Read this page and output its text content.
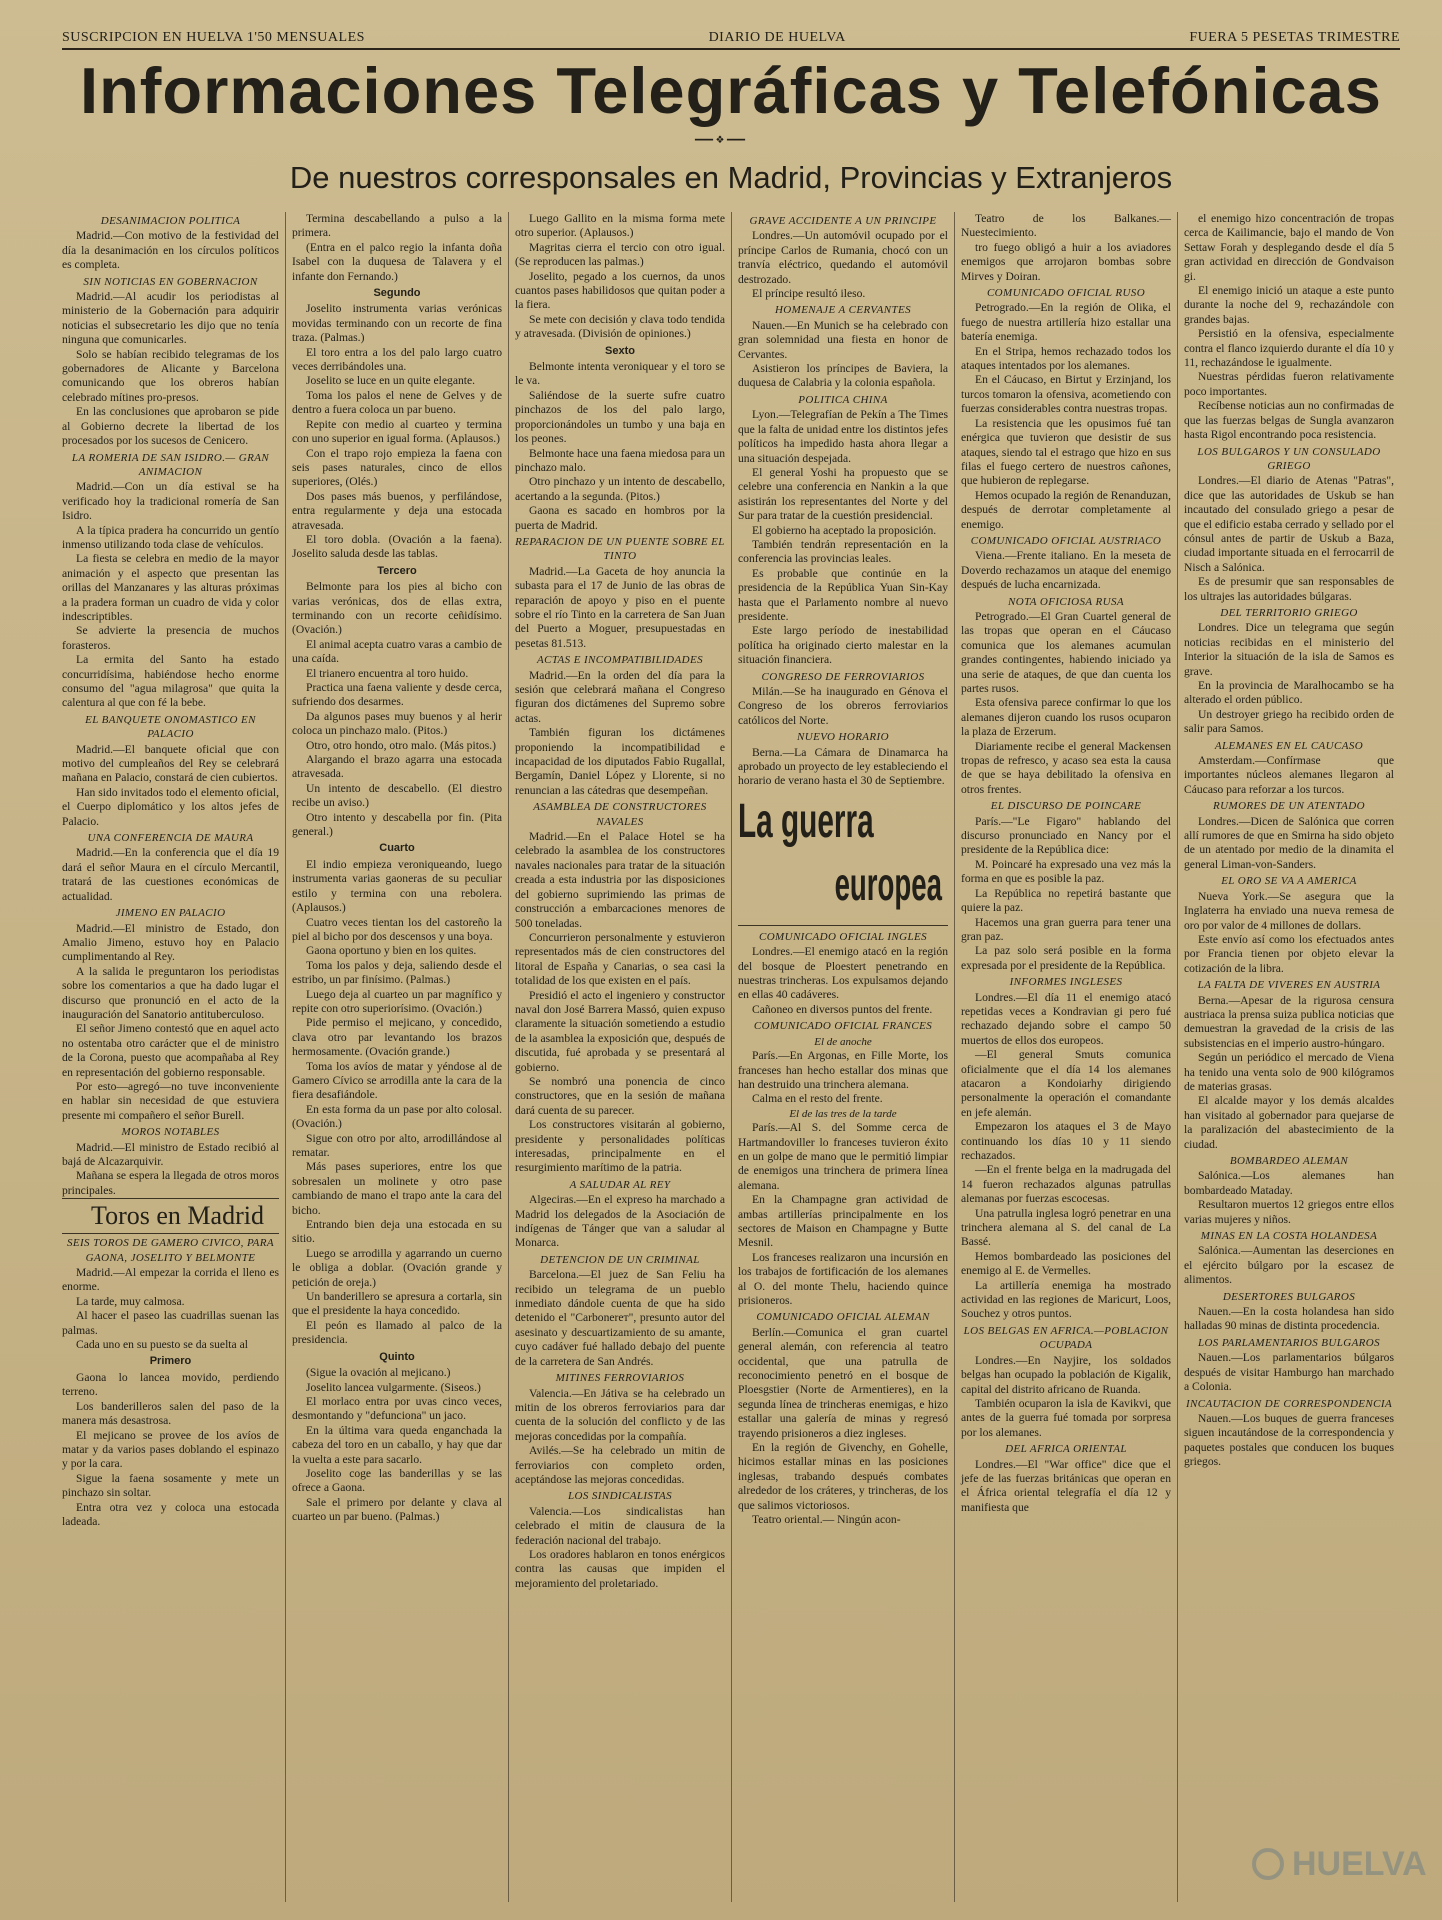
SUSCRIPCION EN HUELVA 1'50 MENSUALES	DIARIO DE HUELVA	FUERA 5 PESETAS TRIMESTRE
Informaciones Telegráficas y Telefónicas
━━━ ❖ ━━━
De nuestros corresponsales en Madrid, Provincias y Extranjeros

DESANIMACION POLITICA

Madrid.—Con motivo de la festividad del día la desanimación en los círculos políticos es completa.

SIN NOTICIAS EN GOBERNACION

Madrid.—Al acudir los periodistas al ministerio de la Gobernación para adquirir noticias el subsecretario les dijo que no tenía ninguna que comunicarles.

Solo se habían recibido telegramas de los gobernadores de Alicante y Barcelona comunicando que los obreros habían celebrado mítines pro-presos.

En las conclusiones que aprobaron se pide al Gobierno decrete la libertad de los procesados por los sucesos de Cenicero.

LA ROMERIA DE SAN ISIDRO.— GRAN ANIMACION

Madrid.—Con un día estival se ha verificado hoy la tradicional romería de San Isidro.

A la típica pradera ha concurrido un gentío inmenso utilizando toda clase de vehículos.

La fiesta se celebra en medio de la mayor animación y el aspecto que presentan las orillas del Manzanares y las alturas próximas a la pradera forman un cuadro de vida y color indescriptibles.

Se advierte la presencia de muchos forasteros.

La ermita del Santo ha estado concurridísima, habiéndose hecho enorme consumo del "agua milagrosa" que quita la calentura al que con fé la bebe.

EL BANQUETE ONOMASTICO EN PALACIO

Madrid.—El banquete oficial que con motivo del cumpleaños del Rey se celebrará mañana en Palacio, constará de cien cubiertos.

Han sido invitados todo el elemento oficial, el Cuerpo diplomático y los altos jefes de Palacio.

UNA CONFERENCIA DE MAURA

Madrid.—En la conferencia que el día 19 dará el señor Maura en el círculo Mercantil, tratará de las cuestiones económicas de actualidad.

JIMENO EN PALACIO

Madrid.—El ministro de Estado, don Amalio Jimeno, estuvo hoy en Palacio cumplimentando al Rey.

A la salida le preguntaron los periodistas sobre los comentarios a que ha dado lugar el discurso que pronunció en el acto de la inauguración del Sanatorio antituberculoso.

El señor Jimeno contestó que en aquel acto no ostentaba otro carácter que el de ministro de la Corona, puesto que acompañaba al Rey en representación del gobierno responsable.

Por esto—agregó—no tuve inconveniente en hablar sin necesidad de que estuviera presente mi compañero el señor Burell.

MOROS NOTABLES

Madrid.—El ministro de Estado recibió al bajá de Alcazarquivir.

Mañana se espera la llegada de otros moros principales.

Toros en Madrid

SEIS TOROS DE GAMERO CIVICO, PARA GAONA, JOSELITO Y BELMONTE

Madrid.—Al empezar la corrida el lleno es enorme.

La tarde, muy calmosa.

Al hacer el paseo las cuadrillas suenan las palmas.

Cada uno en su puesto se da suelta al

Primero

Gaona lo lancea movido, perdiendo terreno.

Los banderilleros salen del paso de la manera más desastrosa.

El mejicano se provee de los avíos de matar y da varios pases doblando el espinazo y por la cara.

Sigue la faena sosamente y mete un pinchazo sin soltar.

Entra otra vez y coloca una estocada ladeada.

Termina descabellando a pulso a la primera.

(Entra en el palco regio la infanta doña Isabel con la duquesa de Talavera y el infante don Fernando.)

Segundo

Joselito instrumenta varias verónicas movidas terminando con un recorte de fina traza. (Palmas.)

El toro entra a los del palo largo cuatro veces derribándoles una.

Joselito se luce en un quite elegante.

Toma los palos el nene de Gelves y de dentro a fuera coloca un par bueno.

Repite con medio al cuarteo y termina con uno superior en igual forma. (Aplausos.)

Con el trapo rojo empieza la faena con seis pases naturales, cinco de ellos superiores, (Olés.)

Dos pases más buenos, y perfilándose, entra regularmente y deja una estocada atravesada.

El toro dobla. (Ovación a la faena). Joselito saluda desde las tablas.

Tercero

Belmonte para los pies al bicho con varias verónicas, dos de ellas extra, terminando con un recorte ceñidísimo. (Ovación.)

El animal acepta cuatro varas a cambio de una caída.

El trianero encuentra al toro huido.

Practica una faena valiente y desde cerca, sufriendo dos desarmes.

Da algunos pases muy buenos y al herir coloca un pinchazo malo. (Pitos.)

Otro, otro hondo, otro malo. (Más pitos.)

Alargando el brazo agarra una estocada atravesada.

Un intento de descabello. (El diestro recibe un aviso.)

Otro intento y descabella por fin. (Pita general.)

Cuarto

El indio empieza veroniqueando, luego instrumenta varias gaoneras de su peculiar estilo y termina con una rebolera. (Aplausos.)

Cuatro veces tientan los del castoreño la piel al bicho por dos descensos y una boya.

Gaona oportuno y bien en los quites.

Toma los palos y deja, saliendo desde el estribo, un par finísimo. (Palmas.)

Luego deja al cuarteo un par magnífico y repite con otro superiorísimo. (Ovación.)

Pide permiso el mejicano, y concedido, clava otro par levantando los brazos hermosamente. (Ovación grande.)

Toma los avíos de matar y yéndose al de Gamero Cívico se arrodilla ante la cara de la fiera desafiándole.

En esta forma da un pase por alto colosal. (Ovación.)

Sigue con otro por alto, arrodillándose al rematar.

Más pases superiores, entre los que sobresalen un molinete y otro pase cambiando de mano el trapo ante la cara del bicho.

Entrando bien deja una estocada en su sitio.

Luego se arrodilla y agarrando un cuerno le obliga a doblar. (Ovación grande y petición de oreja.)

Un banderillero se apresura a cortarla, sin que el presidente la haya concedido.

El peón es llamado al palco de la presidencia.

Quinto

(Sigue la ovación al mejicano.)

Joselito lancea vulgarmente. (Siseos.)

El morlaco entra por uvas cinco veces, desmontando y "defunciona" un jaco.

En la última vara queda enganchada la cabeza del toro en un caballo, y hay que dar la vuelta a este para sacarlo.

Joselito coge las banderillas y se las ofrece a Gaona.

Sale el primero por delante y clava al cuarteo un par bueno. (Palmas.)

Luego Gallito en la misma forma mete otro superior. (Aplausos.)

Magritas cierra el tercio con otro igual. (Se reproducen las palmas.)

Joselito, pegado a los cuernos, da unos cuantos pases habilidosos que quitan poder a la fiera.

Se mete con decisión y clava todo tendida y atravesada. (División de opiniones.)

Sexto

Belmonte intenta veroniquear y el toro se le va.

Saliéndose de la suerte sufre cuatro pinchazos de los del palo largo, proporcionándoles un tumbo y una baja en los peones.

Belmonte hace una faena miedosa para un pinchazo malo.

Otro pinchazo y un intento de descabello, acertando a la segunda. (Pitos.)

Gaona es sacado en hombros por la puerta de Madrid.

REPARACION DE UN PUENTE SOBRE EL TINTO

Madrid.—La Gaceta de hoy anuncia la subasta para el 17 de Junio de las obras de reparación de apoyo y piso en el puente sobre el río Tinto en la carretera de San Juan del Puerto a Moguer, presupuestadas en pesetas 81.513.

ACTAS E INCOMPATIBILIDADES

Madrid.—En la orden del día para la sesión que celebrará mañana el Congreso figuran dos dictámenes del Supremo sobre actas.

También figuran los dictámenes proponiendo la incompatibilidad e incapacidad de los diputados Fabio Rugallal, Bergamín, Daniel López y Llorente, si no renuncian a las cátedras que desempeñan.

ASAMBLEA DE CONSTRUCTORES NAVALES

Madrid.—En el Palace Hotel se ha celebrado la asamblea de los constructores navales nacionales para tratar de la situación creada a esta industria por las disposiciones del gobierno suprimiendo las primas de construcción a embarcaciones menores de 500 toneladas.

Concurrieron personalmente y estuvieron representados más de cien constructores del litoral de España y Canarias, o sea casi la totalidad de los que existen en el país.

Presidió el acto el ingeniero y constructor naval don José Barrera Massó, quien expuso claramente la situación sometiendo a estudio de la asamblea la exposición que, después de discutida, fué aprobada y se presentará al gobierno.

Se nombró una ponencia de cinco constructores, que en la sesión de mañana dará cuenta de su parecer.

Los constructores visitarán al gobierno, presidente y personalidades políticas interesadas, principalmente en el resurgimiento marítimo de la patria.

A SALUDAR AL REY

Algeciras.—En el expreso ha marchado a Madrid los delegados de la Asociación de indígenas de Tánger que van a saludar al Monarca.

DETENCION DE UN CRIMINAL

Barcelona.—El juez de San Feliu ha recibido un telegrama de un pueblo inmediato dándole cuenta de que ha sido detenido el "Carbonerет", presunto autor del asesinato y descuartizamiento de su amante, cuyo cadáver fué hallado debajo del puente de la carretera de San Andrés.

MITINES FERROVIARIOS

Valencia.—En Játiva se ha celebrado un mitin de los obreros ferroviarios para dar cuenta de la solución del conflicto y de las mejoras concedidas por la compañía.

Avilés.—Se ha celebrado un mitin de ferroviarios con completo orden, aceptándose las mejoras concedidas.

LOS SINDICALISTAS

Valencia.—Los sindicalistas han celebrado el mitin de clausura de la federación nacional del trabajo.

Los oradores hablaron en tonos enérgicos contra las causas que impiden el mejoramiento del proletariado.

GRAVE ACCIDENTE A UN PRINCIPE

Londres.—Un automóvil ocupado por el príncipe Carlos de Rumania, chocó con un tranvía eléctrico, quedando el automóvil destrozado.

El príncipe resultó ileso.

HOMENAJE A CERVANTES

Nauen.—En Munich se ha celebrado con gran solemnidad una fiesta en honor de Cervantes.

Asistieron los príncipes de Baviera, la duquesa de Calabria y la colonia española.

POLITICA CHINA

Lyon.—Telegrafían de Pekín a The Times que la falta de unidad entre los distintos jefes políticos ha impedido hasta ahora llegar a una situación despejada.

El general Yoshi ha propuesto que se celebre una conferencia en Nankin a la que asistirán los representantes del Norte y del Sur para tratar de la cuestión presidencial.

El gobierno ha aceptado la proposición.

También tendrán representación en la conferencia las provincias leales.

Es probable que continúe en la presidencia de la República Yuan Sin-Kay hasta que el Parlamento nombre al nuevo presidente.

Este largo período de inestabilidad política ha originado cierto malestar en la situación financiera.

CONGRESO DE FERROVIARIOS

Milán.—Se ha inaugurado en Génova el Congreso de los obreros ferroviarios católicos del Norte.

NUEVO HORARIO

Berna.—La Cámara de Dinamarca ha aprobado un proyecto de ley estableciendo el horario de verano hasta el 30 de Septiembre.

La guerra
europea

COMUNICADO OFICIAL INGLES

Londres.—El enemigo atacó en la región del bosque de Ploestert penetrando en nuestras trincheras. Los expulsamos dejando en ellas 40 cadáveres.

Cañoneo en diversos puntos del frente.

COMUNICADO OFICIAL FRANCES

El de anoche

París.—En Argonas, en Fille Morte, los franceses han hecho estallar dos minas que han destruido una trinchera alemana.

Calma en el resto del frente.

El de las tres de la tarde

París.—Al S. del Somme cerca de Hartmandoviller lo franceses tuvieron éxito en un golpe de mano que le permitió limpiar de enemigos una trinchera de primera línea alemana.

En la Champagne gran actividad de ambas artillerías principalmente en los sectores de Maison en Champagne y Butte Mesnil.

Los franceses realizaron una incursión en los trabajos de fortificación de los alemanes al O. del monte Thelu, haciendo quince prisioneros.

COMUNICADO OFICIAL ALEMAN

Berlín.—Comunica el gran cuartel general alemán, con referencia al teatro occidental, que una patrulla de reconocimiento penetró en el bosque de Ploesgstier (Norte de Armentieres), en la segunda línea de trincheras enemigas, e hizo estallar una galería de minas y regresó trayendo prisioneros a diez ingleses.

En la región de Givenchy, en Gohelle, hicimos estallar minas en las posiciones inglesas, trabando después combates alrededor de los cráteres, y trincheras, de los que salimos victoriosos.

Teatro oriental.— Ningún acon-

Teatro de los Balkanes.— Nuestecimiento.

tro fuego obligó a huir a los aviadores enemigos que arrojaron bombas sobre Mirves y Doiran.

COMUNICADO OFICIAL RUSO

Petrogrado.—En la región de Olika, el fuego de nuestra artillería hizo estallar una batería enemiga.

En el Stripa, hemos rechazado todos los ataques intentados por los alemanes.

En el Cáucaso, en Birtut y Erzinjand, los turcos tomaron la ofensiva, acometiendo con fuerzas considerables contra nuestras tropas.

La resistencia que les opusimos fué tan enérgica que tuvieron que desistir de sus ataques, siendo tal el estrago que hizo en sus filas el fuego certero de nuestros cañones, que hubieron de replegarse.

Hemos ocupado la región de Renanduzan, después de derrotar completamente al enemigo.

COMUNICADO OFICIAL AUSTRIACO

Viena.—Frente italiano. En la meseta de Doverdo rechazamos un ataque del enemigo después de lucha encarnizada.

NOTA OFICIOSA RUSA

Petrogrado.—El Gran Cuartel general de las tropas que operan en el Cáucaso comunica que los alemanes acumulan grandes contingentes, habiendo iniciado ya una serie de ataques, de que dan cuenta los partes rusos.

Esta ofensiva parece confirmar lo que los alemanes dijeron cuando los rusos ocuparon la plaza de Erzerum.

Diariamente recibe el general Mackensen tropas de refresco, y acaso sea esta la causa de que se haya debilitado la ofensiva en otros frentes.

EL DISCURSO DE POINCARE

París.—"Le Figaro" hablando del discurso pronunciado en Nancy por el presidente de la República dice:

M. Poincaré ha expresado una vez más la forma en que es posible la paz.

La República no repetirá bastante que quiere la paz.

Hacemos una gran guerra para tener una gran paz.

La paz solo será posible en la forma expresada por el presidente de la República.

INFORMES INGLESES

Londres.—El día 11 el enemigo atacó repetidas veces a Kondravian gi pero fué rechazado dejando sobre el campo 50 muertos de ellos dos europeos.

—El general Smuts comunica oficialmente que el día 14 los alemanes atacaron a Kondoiarhy dirigiendo personalmente la operación el comandante en jefe alemán.

Empezaron los ataques el 3 de Mayo continuando los días 10 y 11 siendo rechazados.

—En el frente belga en la madrugada del 14 fueron rechazados algunas patrullas alemanas por fuerzas escocesas.

Una patrulla inglesa logró penetrar en una trinchera alemana al S. del canal de La Bassé.

Hemos bombardeado las posiciones del enemigo al E. de Vermelles.

La artillería enemiga ha mostrado actividad en las regiones de Maricurt, Loos, Souchez y otros puntos.

LOS BELGAS EN AFRICA.—POBLACION OCUPADA

Londres.—En Nayjire, los soldados belgas han ocupado la población de Kigalik, capital del distrito africano de Ruanda.

También ocuparon la isla de Kavikvi, que antes de la guerra fué tomada por sorpresa por los alemanes.

DEL AFRICA ORIENTAL

Londres.—El "War office" dice que el jefe de las fuerzas británicas que operan en el África oriental telegrafía el día 12 y manifiesta que

el enemigo hizo concentración de tropas cerca de Kailimancie, bajo el mando de Von Settaw Forah y desplegando desde el día 5 gran actividad en dirección de Gondvaison gi.

El enemigo inició un ataque a este punto durante la noche del 9, rechazándole con grandes bajas.

Persistió en la ofensiva, especialmente contra el flanco izquierdo durante el día 10 y 11, rechazándose le igualmente.

Nuestras pérdidas fueron relativamente poco importantes.

Recíbense noticias aun no confirmadas de que las fuerzas belgas de Sungla avanzaron hasta Rigol encontrando poca resistencia.

LOS BULGAROS Y UN CONSULADO GRIEGO

Londres.—El diario de Atenas "Patras", dice que las autoridades de Uskub se han incautado del consulado griego a pesar de que el edificio estaba cerrado y sellado por el cónsul antes de partir de Uskub a Baza, ciudad importante situada en el ferrocarril de Nisch a Salónica.

Es de presumir que san responsables de los ultrajes las autoridades búlgaras.

DEL TERRITORIO GRIEGO

Londres. Dice un telegrama que según noticias recibidas en el ministerio del Interior la situación de la isla de Samos es grave.

En la provincia de Maralhocambo se ha alterado el orden público.

Un destroyer griego ha recibido orden de salir para Samos.

ALEMANES EN EL CAUCASO

Amsterdam.—Confírmase que importantes núcleos alemanes llegaron al Cáucaso para reforzar a los turcos.

RUMORES DE UN ATENTADO

Londres.—Dicen de Salónica que corren allí rumores de que en Smirna ha sido objeto de un atentado por medio de la dinamita el general Liman-von-Sanders.

EL ORO SE VA A AMERICA

Nueva York.—Se asegura que la Inglaterra ha enviado una nueva remesa de oro por valor de 4 millones de dollars.

Este envío así como los efectuados antes por Francia tienen por objeto elevar la cotización de la libra.

LA FALTA DE VIVERES EN AUSTRIA

Berna.—Apesar de la rigurosa censura austriaca la prensa suiza publica noticias que demuestran la gravedad de la crisis de las subsistencias en el imperio austro-húngaro.

Según un periódico el mercado de Viena ha tenido una venta solo de 900 kilógramos de materias grasas.

El alcalde mayor y los demás alcaldes han visitado al gobernador para quejarse de la paralización del abastecimiento de la ciudad.

BOMBARDEO ALEMAN

Salónica.—Los alemanes han bombardeado Mataday.

Resultaron muertos 12 griegos entre ellos varias mujeres y niños.

MINAS EN LA COSTA HOLANDESA

Salónica.—Aumentan las deserciones en el ejército búlgaro por la escasez de alimentos.

DESERTORES BULGAROS

Nauen.—En la costa holandesa han sido halladas 90 minas de distinta procedencia.

LOS PARLAMENTARIOS BULGAROS

Nauen.—Los parlamentarios búlgaros después de visitar Hamburgo han marchado a Colonia.

INCAUTACION DE CORRESPONDENCIA

Nauen.—Los buques de guerra franceses siguen incautándose de la correspondencia y paquetes postales que conducen los buques griegos.

HUELVA
